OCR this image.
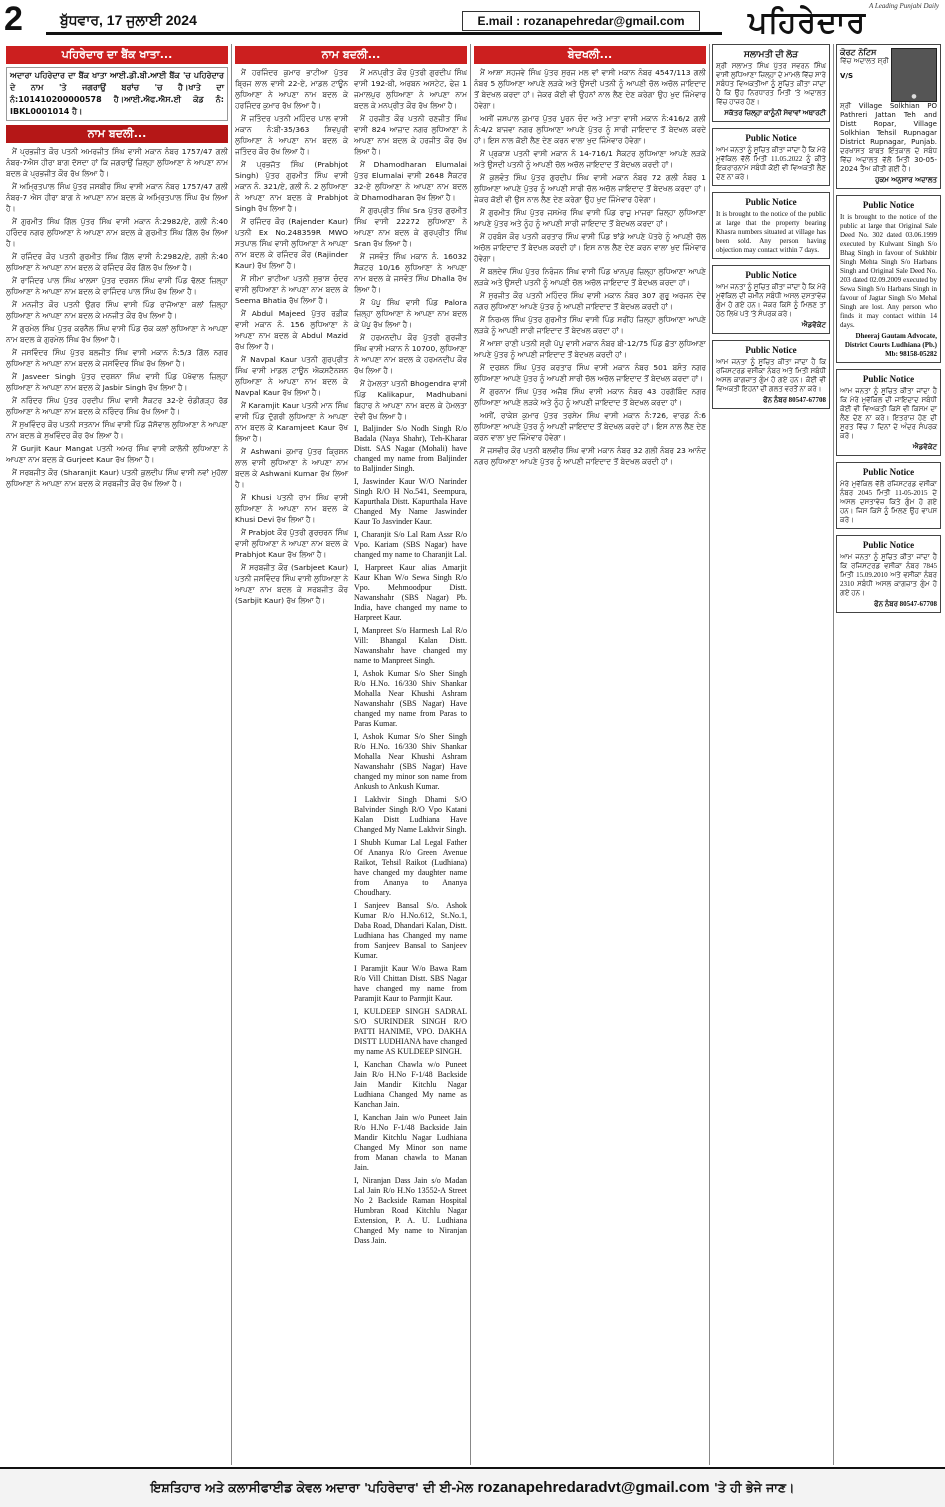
2	ਬੁੱਧਵਾਰ, 17 ਜੁਲਾਈ 2024	E.mail : rozanapehredar@gmail.com
A Leading Punjabi Daily
ਪਹਿਰੇਦਾਰ
ਪਹਿਰੇਦਾਰ ਦਾ ਬੈਂਕ ਖਾਤਾ...
ਅਦਾਰਾ ਪਹਿਰੇਦਾਰ ਦਾ ਬੈਂਕ ਖਾਤਾ ਆਈ.ਡੀ.ਬੀ.ਆਈ ਬੈਂਕ 'ਚ ਪਹਿਰੇਦਾਰ ਦੇ ਨਾਮ 'ਤੇ ਜਗਰਾਉਂ ਬਰਾਂਚ 'ਚ ਹੈ।ਖਾਤੇ ਦਾ ਨੰ:101410200000578 ਹੈ।ਆਈ.ਐਫ.ਐਸ.ਈ ਕੋਡ ਨੰ: IBKL0001014 ਹੈ।
ਨਾਮ ਬਦਲੀ...

ਮੈਂ ਪ੍ਰਭਜੀਤ ਕੌਰ ਪਤਨੀ ਅਮਰਜੀਤ ਸਿੰਘ ਵਾਸੀ ਮਕਾਨ ਨੰਬਰ 1757/47 ਗਲੀ ਨੰਬਰ-7ਐਸ ਹੀਰਾ ਬਾਗ ਦੱਸਦਾ ਹਾਂ ਕਿ ਜਗਰਾਉਂ ਜ਼ਿਲ੍ਹਾ ਲੁਧਿਆਣਾ ਨੇ ਆਪਣਾ ਨਾਮ ਬਦਲ ਕੇ ਪ੍ਰਭਜੀਤ ਕੌਰ ਰੱਖ ਲਿਆ ਹੈ।

ਮੈਂ ਅਮ੍ਰਿਤਪਾਲ ਸਿੰਘ ਪੁੱਤਰ ਜਸਬੀਰ ਸਿੰਘ ਵਾਸੀ ਮਕਾਨ ਨੰਬਰ 1757/47 ਗਲੀ ਨੰਬਰ-7 ਐਸ ਹੀਰਾ ਬਾਗ ਨੇ ਆਪਣਾ ਨਾਮ ਬਦਲ ਕੇ ਅਮ੍ਰਿਤਪਾਲ ਸਿੰਘ ਰੱਖ ਲਿਆ ਹੈ।

ਮੈਂ ਗੁਰਮੀਤ ਸਿੰਘ ਗਿੱਲ ਪੁੱਤਰ ਸਿੰਘ ਵਾਸੀ ਮਕਾਨ ਨੰ:2982/ਏ, ਗਲੀ ਨੰ:40 ਹਰਿੰਦਰ ਨਗਰ ਲੁਧਿਆਣਾ ਨੇ ਆਪਣਾ ਨਾਮ ਬਦਲ ਕੇ ਗੁਰਮੀਤ ਸਿੰਘ ਗਿੱਲ ਰੱਖ ਲਿਆ ਹੈ।

ਮੈਂ ਰਜਿੰਦਰ ਕੌਰ ਪਤਨੀ ਗੁਰਮੀਤ ਸਿੰਘ ਗਿੱਲ ਵਾਸੀ ਨੰ:2982/ਏ, ਗਲੀ ਨੰ:40 ਲੁਧਿਆਣਾ ਨੇ ਆਪਣਾ ਨਾਮ ਬਦਲ ਕੇ ਰਜਿੰਦਰ ਕੌਰ ਗਿੱਲ ਰੱਖ ਲਿਆ ਹੈ।

ਮੈਂ ਰਾਜਿੰਦਰ ਪਾਲ ਸਿੰਘ ਖਾਲਸਾ ਪੁੱਤਰ ਦਰਸ਼ਨ ਸਿੰਘ ਵਾਸੀ ਪਿੰਡ ਢੋਲਣ ਜ਼ਿਲ੍ਹਾ ਲੁਧਿਆਣਾ ਨੇ ਆਪਣਾ ਨਾਮ ਬਦਲ ਕੇ ਰਾਜਿੰਦਰ ਪਾਲ ਸਿੰਘ ਰੱਖ ਲਿਆ ਹੈ।

ਮੈਂ ਮਨਜੀਤ ਕੌਰ ਪਤਨੀ ਉਗਰ ਸਿੰਘ ਵਾਸੀ ਪਿੰਡ ਰਾਜੋਆਣਾ ਕਲਾਂ ਜ਼ਿਲ੍ਹਾ ਲੁਧਿਆਣਾ ਨੇ ਆਪਣਾ ਨਾਮ ਬਦਲ ਕੇ ਮਨਜੀਤ ਕੌਰ ਰੱਖ ਲਿਆ ਹੈ।

ਮੈਂ ਗੁਰਮੇਲ ਸਿੰਘ ਪੁੱਤਰ ਕਰਨੈਲ ਸਿੰਘ ਵਾਸੀ ਪਿੰਡ ਚੱਕ ਕਲਾਂ ਲੁਧਿਆਣਾ ਨੇ ਆਪਣਾ ਨਾਮ ਬਦਲ ਕੇ ਗੁਰਮੇਲ ਸਿੰਘ ਰੱਖ ਲਿਆ ਹੈ।

ਮੈਂ ਜਸਵਿੰਦਰ ਸਿੰਘ ਪੁੱਤਰ ਬਲਜੀਤ ਸਿੰਘ ਵਾਸੀ ਮਕਾਨ ਨੰ:5/3 ਗਿੱਲ ਨਗਰ ਲੁਧਿਆਣਾ ਨੇ ਆਪਣਾ ਨਾਮ ਬਦਲ ਕੇ ਜਸਵਿੰਦਰ ਸਿੰਘ ਰੱਖ ਲਿਆ ਹੈ।

ਮੈਂ Jasveer Singh ਪੁੱਤਰ ਦਰਸ਼ਨਾ ਸਿੰਘ ਵਾਸੀ ਪਿੰਡ ਪੱਖੋਵਾਲ ਜ਼ਿਲ੍ਹਾ ਲੁਧਿਆਣਾ ਨੇ ਆਪਣਾ ਨਾਮ ਬਦਲ ਕੇ Jasbir Singh ਰੱਖ ਲਿਆ ਹੈ।

ਮੈਂ ਨਰਿੰਦਰ ਸਿੰਘ ਪੁੱਤਰ ਹਰਦੀਪ ਸਿੰਘ ਵਾਸੀ ਸੈਕਟਰ 32-ਏ ਚੰਡੀਗੜ੍ਹ ਰੋਡ ਲੁਧਿਆਣਾ ਨੇ ਆਪਣਾ ਨਾਮ ਬਦਲ ਕੇ ਨਰਿੰਦਰ ਸਿੰਘ ਰੱਖ ਲਿਆ ਹੈ।

ਮੈਂ ਸੁਖਵਿੰਦਰ ਕੌਰ ਪਤਨੀ ਸਤਨਾਮ ਸਿੰਘ ਵਾਸੀ ਪਿੰਡ ਜੱਸੋਵਾਲ ਲੁਧਿਆਣਾ ਨੇ ਆਪਣਾ ਨਾਮ ਬਦਲ ਕੇ ਸੁਖਵਿੰਦਰ ਕੌਰ ਰੱਖ ਲਿਆ ਹੈ।

ਮੈਂ Gurjit Kaur Mangat ਪਤਨੀ ਅਮਰ ਸਿੰਘ ਵਾਸੀ ਕਾਲੋਨੀ ਲੁਧਿਆਣਾ ਨੇ ਆਪਣਾ ਨਾਮ ਬਦਲ ਕੇ Gurjeet Kaur ਰੱਖ ਲਿਆ ਹੈ।

ਮੈਂ ਸਰਬਜੀਤ ਕੌਰ (Sharanjit Kaur) ਪਤਨੀ ਕੁਲਦੀਪ ਸਿੰਘ ਵਾਸੀ ਨਵਾਂ ਮੁਹੱਲਾ ਲੁਧਿਆਣਾ ਨੇ ਆਪਣਾ ਨਾਮ ਬਦਲ ਕੇ ਸਰਬਜੀਤ ਕੌਰ ਰੱਖ ਲਿਆ ਹੈ।

ਨਾਮ ਬਦਲੀ...

ਮੈਂ ਹਰਜਿੰਦਰ ਕੁਮਾਰ ਭਾਟੀਆ ਪੁੱਤਰ ਬ੍ਰਿਜ ਲਾਲ ਵਾਸੀ 22-ਏ, ਮਾਡਲ ਟਾਊਨ ਲੁਧਿਆਣਾ ਨੇ ਆਪਣਾ ਨਾਮ ਬਦਲ ਕੇ ਹਰਜਿੰਦਰ ਕੁਮਾਰ ਰੱਖ ਲਿਆ ਹੈ।

ਮੈਂ ਜਤਿੰਦਰ ਪਤਨੀ ਮਹਿੰਦਰ ਪਾਲ ਵਾਸੀ ਮਕਾਨ ਨੰ:ਬੀ-35/363 ਸ਼ਿਵਪੁਰੀ ਲੁਧਿਆਣਾ ਨੇ ਆਪਣਾ ਨਾਮ ਬਦਲ ਕੇ ਜਤਿੰਦਰ ਕੌਰ ਰੱਖ ਲਿਆ ਹੈ।

ਮੈਂ ਪ੍ਰਭਜੋਤ ਸਿੰਘ (Prabhjot Singh) ਪੁੱਤਰ ਗੁਰਮੀਤ ਸਿੰਘ ਵਾਸੀ ਮਕਾਨ ਨੰ. 321/ਏ, ਗਲੀ ਨੰ. 2 ਲੁਧਿਆਣਾ ਨੇ ਆਪਣਾ ਨਾਮ ਬਦਲ ਕੇ Prabhjot Singh ਰੱਖ ਲਿਆ ਹੈ।

ਮੈਂ ਰਜਿੰਦਰ ਕੌਰ (Rajender Kaur) ਪਤਨੀ Ex No.248359R MWO ਸਤਪਾਲ ਸਿੰਘ ਵਾਸੀ ਲੁਧਿਆਣਾ ਨੇ ਆਪਣਾ ਨਾਮ ਬਦਲ ਕੇ ਰਜਿੰਦਰ ਕੌਰ (Rajinder Kaur) ਰੱਖ ਲਿਆ ਹੈ।

ਮੈਂ ਸੀਮਾ ਭਾਟੀਆ ਪਤਨੀ ਸੁਭਾਸ਼ ਚੰਦਰ ਵਾਸੀ ਲੁਧਿਆਣਾ ਨੇ ਆਪਣਾ ਨਾਮ ਬਦਲ ਕੇ Seema Bhatia ਰੱਖ ਲਿਆ ਹੈ।

ਮੈਂ Abdul Majeed ਪੁੱਤਰ ਰਫ਼ੀਕ ਵਾਸੀ ਮਕਾਨ ਨੰ. 156 ਲੁਧਿਆਣਾ ਨੇ ਆਪਣਾ ਨਾਮ ਬਦਲ ਕੇ Abdul Mazid ਰੱਖ ਲਿਆ ਹੈ।

ਮੈਂ Navpal Kaur ਪਤਨੀ ਗੁਰਪ੍ਰੀਤ ਸਿੰਘ ਵਾਸੀ ਮਾਡਲ ਟਾਊਨ ਐਕਸਟੈਨਸ਼ਨ ਲੁਧਿਆਣਾ ਨੇ ਆਪਣਾ ਨਾਮ ਬਦਲ ਕੇ Navpal Kaur ਰੱਖ ਲਿਆ ਹੈ।

ਮੈਂ Karamjit Kaur ਪਤਨੀ ਮਾਨ ਸਿੰਘ ਵਾਸੀ ਪਿੰਡ ਦੁੱਗਰੀ ਲੁਧਿਆਣਾ ਨੇ ਆਪਣਾ ਨਾਮ ਬਦਲ ਕੇ Karamjeet Kaur ਰੱਖ ਲਿਆ ਹੈ।

ਮੈਂ Ashwani ਕੁਮਾਰ ਪੁੱਤਰ ਕ੍ਰਿਸ਼ਨ ਲਾਲ ਵਾਸੀ ਲੁਧਿਆਣਾ ਨੇ ਆਪਣਾ ਨਾਮ ਬਦਲ ਕੇ Ashwani Kumar ਰੱਖ ਲਿਆ ਹੈ।

ਮੈਂ Khusi ਪਤਨੀ ਰਾਮ ਸਿੰਘ ਵਾਸੀ ਲੁਧਿਆਣਾ ਨੇ ਆਪਣਾ ਨਾਮ ਬਦਲ ਕੇ Khusi Devi ਰੱਖ ਲਿਆ ਹੈ।

ਮੈਂ Prabjot ਕੌਰ ਪੁੱਤਰੀ ਗੁਰਚਰਨ ਸਿੰਘ ਵਾਸੀ ਲੁਧਿਆਣਾ ਨੇ ਆਪਣਾ ਨਾਮ ਬਦਲ ਕੇ Prabhjot Kaur ਰੱਖ ਲਿਆ ਹੈ।

ਮੈਂ ਸਰਬਜੀਤ ਕੌਰ (Sarbjeet Kaur) ਪਤਨੀ ਜਸਵਿੰਦਰ ਸਿੰਘ ਵਾਸੀ ਲੁਧਿਆਣਾ ਨੇ ਆਪਣਾ ਨਾਮ ਬਦਲ ਕੇ ਸਰਬਜੀਤ ਕੌਰ (Sarbjit Kaur) ਰੱਖ ਲਿਆ ਹੈ।

ਮੈਂ ਮਨਪ੍ਰੀਤ ਕੌਰ ਪੁੱਤਰੀ ਗੁਰਦੀਪ ਸਿੰਘ ਵਾਸੀ 192-ਬੀ, ਅਰਬਨ ਅਸਟੇਟ, ਫੇਜ਼ 1 ਜਮਾਲਪੁਰ ਲੁਧਿਆਣਾ ਨੇ ਆਪਣਾ ਨਾਮ ਬਦਲ ਕੇ ਮਨਪ੍ਰੀਤ ਕੌਰ ਰੱਖ ਲਿਆ ਹੈ।

ਮੈਂ ਹਰਜੀਤ ਕੌਰ ਪਤਨੀ ਰਣਜੀਤ ਸਿੰਘ ਵਾਸੀ 824 ਆਜ਼ਾਦ ਨਗਰ ਲੁਧਿਆਣਾ ਨੇ ਆਪਣਾ ਨਾਮ ਬਦਲ ਕੇ ਹਰਜੀਤ ਕੌਰ ਰੱਖ ਲਿਆ ਹੈ।

ਮੈਂ Dhamodharan Elumalai ਪੁੱਤਰ Elumalai ਵਾਸੀ 2648 ਸੈਕਟਰ 32-ਏ ਲੁਧਿਆਣਾ ਨੇ ਆਪਣਾ ਨਾਮ ਬਦਲ ਕੇ Dhamodharan ਰੱਖ ਲਿਆ ਹੈ।

ਮੈਂ ਗੁਰਪ੍ਰੀਤ ਸਿੰਘ Sra ਪੁੱਤਰ ਗੁਰਮੀਤ ਸਿੰਘ ਵਾਸੀ 22272 ਲੁਧਿਆਣਾ ਨੇ ਆਪਣਾ ਨਾਮ ਬਦਲ ਕੇ ਗੁਰਪ੍ਰੀਤ ਸਿੰਘ Sran ਰੱਖ ਲਿਆ ਹੈ।

ਮੈਂ ਜਸਵੰਤ ਸਿੰਘ ਮਕਾਨ ਨੰ. 16032 ਸੈਕਟਰ 10/16 ਲੁਧਿਆਣਾ ਨੇ ਆਪਣਾ ਨਾਮ ਬਦਲ ਕੇ ਜਸਵੰਤ ਸਿੰਘ Dhalla ਰੱਖ ਲਿਆ ਹੈ।

ਮੈਂ ਪੱਪੂ ਸਿੰਘ ਵਾਸੀ ਪਿੰਡ Palora ਜ਼ਿਲ੍ਹਾ ਲੁਧਿਆਣਾ ਨੇ ਆਪਣਾ ਨਾਮ ਬਦਲ ਕੇ ਪੱਪੂ ਰੱਖ ਲਿਆ ਹੈ।

ਮੈਂ ਹਰਮਨਦੀਪ ਕੌਰ ਪੁੱਤਰੀ ਗੁਰਜੀਤ ਸਿੰਘ ਵਾਸੀ ਮਕਾਨ ਨੰ 10700, ਲੁਧਿਆਣਾ ਨੇ ਆਪਣਾ ਨਾਮ ਬਦਲ ਕੇ ਹਰਮਨਦੀਪ ਕੌਰ ਰੱਖ ਲਿਆ ਹੈ।

ਮੈਂ ਹੇਮਲਤਾ ਪਤਨੀ Bhogendra ਵਾਸੀ ਪਿੰਡ Kalikapur, Madhubani ਬਿਹਾਰ ਨੇ ਆਪਣਾ ਨਾਮ ਬਦਲ ਕੇ ਹੇਮਲਤਾ ਦੇਵੀ ਰੱਖ ਲਿਆ ਹੈ।

I, Baljinder S/o Nodh Singh R/o Badala (Naya Shahr), Teh-Kharar Distt. SAS Nagar (Mohali) have changed my name from Baljinder to Baljinder Singh.

I, Jaswinder Kaur W/O Narinder Singh R/O H No.541, Seempura, Kapurthala Distt. Kapurthala Have Changed My Name Jaswinder Kaur To Jasvinder Kaur.

I, Charanjit S/o Lal Ram Assr R/o Vpo. Kariam (SBS Nagar) have changed my name to Charanjit Lal.

I, Harpreet Kaur alias Amarjit Kaur Khan W/o Sewa Singh R/o Vpo. Mehmoodpur Distt. Nawanshahr (SBS Nagar) Pb. India, have changed my name to Harpreet Kaur.

I, Manpreet S/o Harmesh Lal R/o Vill: Bhangal Kalan Distt. Nawanshahr have changed my name to Manpreet Singh.

I, Ashok Kumar S/o Sher Singh R/o H.No. 16/330 Shiv Shankar Mohalla Near Khushi Ashram Nawanshahr (SBS Nagar) Have changed my name from Paras to Paras Kumar.

I, Ashok Kumar S/o Sher Singh R/o H.No. 16/330 Shiv Shankar Mohalla Near Khushi Ashram Nawanshahr (SBS Nagar) Have changed my minor son name from Ankush to Ankush Kumar.

I Lakhvir Singh Dhami S/O Balvinder Singh R/O Vpo Katani Kalan Distt Ludhiana Have Changed My Name Lakhvir Singh.

I Shubh Kumar Lal Legal Father Of Ananya R/o Green Avenue Raikot, Tehsil Raikot (Ludhiana) have changed my daughter name from Ananya to Ananya Choudhary.

I Sanjeev Bansal S/o. Ashok Kumar R/o H.No.612, St.No.1, Daba Road, Dhandari Kalan, Distt. Ludhiana has Changed my name from Sanjeev Bansal to Sanjeev Kumar.

I Paramjit Kaur W/o Bawa Ram R/o Vill Chittan Distt. SBS Nagar have changed my name from Paramjit Kaur to Parmjit Kaur.

I, KULDEEP SINGH SADRAL S/O SURINDER SINGH R/O PATTI HANIME, VPO. DAKHA DISTT LUDHIANA have changed my name AS KULDEEP SINGH.

I, Kanchan Chawla w/o Puneet Jain R/o H.No F-1/48 Backside Jain Mandir Kitchlu Nagar Ludhiana Changed My name as Kanchan Jain.

I, Kanchan Jain w/o Puneet Jain R/o H.No F-1/48 Backside Jain Mandir Kitchlu Nagar Ludhiana Changed My Minor son name from Manan chawla to Manan Jain.

I, Niranjan Dass Jain s/o Madan Lal Jain R/o H.No 13552-A Street No 2 Backside Raman Hospital Humbran Road Kitchlu Nagar Extension, P. A. U. Ludhiana Changed My name to Niranjan Dass Jain.

ਬੇਦਖਲੀ...

ਮੈਂ ਆਸ਼ਾ ਸਹਜਵੇ ਸਿੰਘ ਪੁੱਤਰ ਸੁਰਜ ਮਲ ਵਾਂ ਵਾਸੀ ਮਕਾਨ ਨੰਬਰ 4547/113 ਗਲੀ ਨੰਬਰ 5 ਲੁਧਿਆਣਾ ਆਪਣੇ ਲੜਕੇ ਅਤੇ ਉਸਦੀ ਪਤਨੀ ਨੂੰ ਆਪਣੀ ਚੱਲ ਅਚੱਲ ਜਾਇਦਾਦ ਤੋਂ ਬੇਦਖਲ ਕਰਦਾ ਹਾਂ। ਜੇਕਰ ਕੋਈ ਵੀ ਉਹਨਾਂ ਨਾਲ ਲੈਣ ਦੇਣ ਕਰੇਗਾ ਉਹ ਖੁਦ ਜਿੰਮੇਵਾਰ ਹੋਵੇਗਾ।

ਅਸੀਂ ਜਸਪਾਲ ਕੁਮਾਰ ਪੁੱਤਰ ਪੂਰਨ ਚੰਦ ਅਤੇ ਮਾਤਾ ਵਾਸੀ ਮਕਾਨ ਨੰ:416/2 ਗਲੀ ਨੰ:4/2 ਬਾਜਵਾ ਨਗਰ ਲੁਧਿਆਣਾ ਆਪਣੇ ਪੁੱਤਰ ਨੂੰ ਸਾਰੀ ਜਾਇਦਾਦ ਤੋਂ ਬੇਦਖਲ ਕਰਦੇ ਹਾਂ। ਇਸ ਨਾਲ ਕੋਈ ਲੈਣ ਦੇਣ ਕਰਨ ਵਾਲਾ ਖੁਦ ਜਿੰਮੇਵਾਰ ਹੋਵੇਗਾ।

ਮੈਂ ਪ੍ਰਕਾਸ਼ ਪਤਨੀ ਵਾਸੀ ਮਕਾਨ ਨੰ 14-716/1 ਸੈਕਟਰ ਲੁਧਿਆਣਾ ਆਪਣੇ ਲੜਕੇ ਅਤੇ ਉਸਦੀ ਪਤਨੀ ਨੂੰ ਆਪਣੀ ਚੱਲ ਅਚੱਲ ਜਾਇਦਾਦ ਤੋਂ ਬੇਦਖਲ ਕਰਦੀ ਹਾਂ।

ਮੈਂ ਕੁਲਵੰਤ ਸਿੰਘ ਪੁੱਤਰ ਗੁਰਦੀਪ ਸਿੰਘ ਵਾਸੀ ਮਕਾਨ ਨੰਬਰ 72 ਗਲੀ ਨੰਬਰ 1 ਲੁਧਿਆਣਾ ਆਪਣੇ ਪੁੱਤਰ ਨੂੰ ਆਪਣੀ ਸਾਰੀ ਚੱਲ ਅਚੱਲ ਜਾਇਦਾਦ ਤੋਂ ਬੇਦਖਲ ਕਰਦਾ ਹਾਂ। ਜੇਕਰ ਕੋਈ ਵੀ ਉਸ ਨਾਲ ਲੈਣ ਦੇਣ ਕਰੇਗਾ ਉਹ ਖੁਦ ਜਿੰਮੇਵਾਰ ਹੋਵੇਗਾ।

ਮੈਂ ਗੁਰਮੀਤ ਸਿੰਘ ਪੁੱਤਰ ਜਸਮੇਰ ਸਿੰਘ ਵਾਸੀ ਪਿੰਡ ਰਾਜੂ ਮਾਜਰਾ ਜ਼ਿਲ੍ਹਾ ਲੁਧਿਆਣਾ ਆਪਣੇ ਪੁੱਤਰ ਅਤੇ ਨੂੰਹ ਨੂੰ ਆਪਣੀ ਸਾਰੀ ਜਾਇਦਾਦ ਤੋਂ ਬੇਦਖਲ ਕਰਦਾ ਹਾਂ।

ਮੈਂ ਹਰਬੰਸ ਕੌਰ ਪਤਨੀ ਕਰਤਾਰ ਸਿੰਘ ਵਾਸੀ ਪਿੰਡ ਝਾਂਡੇ ਆਪਣੇ ਪੋਤਰੇ ਨੂੰ ਆਪਣੀ ਚੱਲ ਅਚੱਲ ਜਾਇਦਾਦ ਤੋਂ ਬੇਦਖਲ ਕਰਦੀ ਹਾਂ। ਇਸ ਨਾਲ ਲੈਣ ਦੇਣ ਕਰਨ ਵਾਲਾ ਖੁਦ ਜਿੰਮੇਵਾਰ ਹੋਵੇਗਾ।

ਮੈਂ ਬਲਦੇਵ ਸਿੰਘ ਪੁੱਤਰ ਨਿਰੰਜਨ ਸਿੰਘ ਵਾਸੀ ਪਿੰਡ ਖਾਨਪੁਰ ਜ਼ਿਲ੍ਹਾ ਲੁਧਿਆਣਾ ਆਪਣੇ ਲੜਕੇ ਅਤੇ ਉਸਦੀ ਪਤਨੀ ਨੂੰ ਆਪਣੀ ਚੱਲ ਅਚੱਲ ਜਾਇਦਾਦ ਤੋਂ ਬੇਦਖਲ ਕਰਦਾ ਹਾਂ।

ਮੈਂ ਸੁਰਜੀਤ ਕੌਰ ਪਤਨੀ ਮਹਿੰਦਰ ਸਿੰਘ ਵਾਸੀ ਮਕਾਨ ਨੰਬਰ 307 ਗੁਰੂ ਅਰਜਨ ਦੇਵ ਨਗਰ ਲੁਧਿਆਣਾ ਆਪਣੇ ਪੁੱਤਰ ਨੂੰ ਆਪਣੀ ਜਾਇਦਾਦ ਤੋਂ ਬੇਦਖਲ ਕਰਦੀ ਹਾਂ।

ਮੈਂ ਨਿਰਮਲ ਸਿੰਘ ਪੁੱਤਰ ਗੁਰਮੀਤ ਸਿੰਘ ਵਾਸੀ ਪਿੰਡ ਸਰੀਂਹ ਜ਼ਿਲ੍ਹਾ ਲੁਧਿਆਣਾ ਆਪਣੇ ਲੜਕੇ ਨੂੰ ਆਪਣੀ ਸਾਰੀ ਜਾਇਦਾਦ ਤੋਂ ਬੇਦਖਲ ਕਰਦਾ ਹਾਂ।

ਮੈਂ ਆਸ਼ਾ ਰਾਣੀ ਪਤਨੀ ਸ਼੍ਰੀ ਪੱਪੂ ਵਾਸੀ ਮਕਾਨ ਨੰਬਰ ਬੀ-12/75 ਪਿੰਡ ਛੱਤਾ ਲੁਧਿਆਣਾ ਆਪਣੇ ਪੁੱਤਰ ਨੂੰ ਆਪਣੀ ਜਾਇਦਾਦ ਤੋਂ ਬੇਦਖਲ ਕਰਦੀ ਹਾਂ।

ਮੈਂ ਦਰਸ਼ਨ ਸਿੰਘ ਪੁੱਤਰ ਕਰਤਾਰ ਸਿੰਘ ਵਾਸੀ ਮਕਾਨ ਨੰਬਰ 501 ਬਸੰਤ ਨਗਰ ਲੁਧਿਆਣਾ ਆਪਣੇ ਪੁੱਤਰ ਨੂੰ ਆਪਣੀ ਸਾਰੀ ਚੱਲ ਅਚੱਲ ਜਾਇਦਾਦ ਤੋਂ ਬੇਦਖਲ ਕਰਦਾ ਹਾਂ।

ਮੈਂ ਗੁਰਨਾਮ ਸਿੰਘ ਪੁੱਤਰ ਅਜੈਬ ਸਿੰਘ ਵਾਸੀ ਮਕਾਨ ਨੰਬਰ 43 ਹਰਗੋਬਿੰਦ ਨਗਰ ਲੁਧਿਆਣਾ ਆਪਣੇ ਲੜਕੇ ਅਤੇ ਨੂੰਹ ਨੂੰ ਆਪਣੀ ਜਾਇਦਾਦ ਤੋਂ ਬੇਦਖਲ ਕਰਦਾ ਹਾਂ।

ਅਸੀਂ, ਰਾਕੇਸ਼ ਕੁਮਾਰ ਪੁੱਤਰ ਤਰਸੇਮ ਸਿੰਘ ਵਾਸੀ ਮਕਾਨ ਨੰ:726, ਵਾਰਡ ਨੰ:6 ਲੁਧਿਆਣਾ ਆਪਣੇ ਪੁੱਤਰ ਨੂੰ ਆਪਣੀ ਜਾਇਦਾਦ ਤੋਂ ਬੇਦਖਲ ਕਰਦੇ ਹਾਂ। ਇਸ ਨਾਲ ਲੈਣ ਦੇਣ ਕਰਨ ਵਾਲਾ ਖੁਦ ਜਿੰਮੇਵਾਰ ਹੋਵੇਗਾ।

ਮੈਂ ਜਸਵੀਰ ਕੌਰ ਪਤਨੀ ਬਲਵੀਰ ਸਿੰਘ ਵਾਸੀ ਮਕਾਨ ਨੰਬਰ 32 ਗਲੀ ਨੰਬਰ 23 ਆਨੰਦ ਨਗਰ ਲੁਧਿਆਣਾ ਆਪਣੇ ਪੁੱਤਰ ਨੂੰ ਆਪਣੀ ਜਾਇਦਾਦ ਤੋਂ ਬੇਦਖਲ ਕਰਦੀ ਹਾਂ।

ਸਲਾਮਤੀ ਦੀ ਲੋੜ
ਸ਼੍ਰੀ ਸਲਾਮਤ ਸਿੰਘ ਪੁੱਤਰ ਸਵਰਨ ਸਿੰਘ ਵਾਸੀ ਲੁਧਿਆਣਾ ਜ਼ਿਲ੍ਹਾ ਦੇ ਮਾਮਲੇ ਵਿੱਚ ਸਾਰੇ ਸਬੰਧਤ ਵਿਅਕਤੀਆਂ ਨੂੰ ਸੂਚਿਤ ਕੀਤਾ ਜਾਂਦਾ ਹੈ ਕਿ ਉਹ ਨਿਰਧਾਰਤ ਮਿਤੀ 'ਤੇ ਅਦਾਲਤ ਵਿੱਚ ਹਾਜ਼ਰ ਹੋਣ।
ਸਕੱਤਰ ਜ਼ਿਲ੍ਹਾ ਕਾਨੂੰਨੀ ਸੇਵਾਵਾਂ ਅਥਾਰਟੀ
Public Notice
ਆਮ ਜਨਤਾ ਨੂੰ ਸੂਚਿਤ ਕੀਤਾ ਜਾਂਦਾ ਹੈ ਕਿ ਮੇਰੇ ਮੁਵੱਕਿਲ ਵੱਲੋਂ ਮਿਤੀ 11.05.2022 ਨੂੰ ਕੀਤੇ ਇਕਰਾਰਨਾਮੇ ਸਬੰਧੀ ਕੋਈ ਵੀ ਵਿਅਕਤੀ ਲੈਣ ਦੇਣ ਨਾ ਕਰੇ।
Public Notice
It is brought to the notice of the public at large that the property bearing Khasra numbers situated at village has been sold. Any person having objection may contact within 7 days.
Public Notice
ਆਮ ਜਨਤਾ ਨੂੰ ਸੂਚਿਤ ਕੀਤਾ ਜਾਂਦਾ ਹੈ ਕਿ ਮੇਰੇ ਮੁਵੱਕਿਲ ਦੀ ਜ਼ਮੀਨ ਸਬੰਧੀ ਅਸਲ ਦਸਤਾਵੇਜ਼ ਗੁੰਮ ਹੋ ਗਏ ਹਨ। ਜੇਕਰ ਕਿਸੇ ਨੂੰ ਮਿਲਣ ਤਾਂ ਹੇਠ ਲਿਖੇ ਪਤੇ 'ਤੇ ਸੰਪਰਕ ਕਰੇ।
ਐਡਵੋਕੇਟ
Public Notice
ਆਮ ਜਨਤਾ ਨੂੰ ਸੂਚਿਤ ਕੀਤਾ ਜਾਂਦਾ ਹੈ ਕਿ ਰਜਿਸਟਰਡ ਵਸੀਕਾ ਨੰਬਰ ਅਤੇ ਮਿਤੀ ਸਬੰਧੀ ਅਸਲ ਕਾਗਜ਼ਾਤ ਗੁੰਮ ਹੋ ਗਏ ਹਨ। ਕੋਈ ਵੀ ਵਿਅਕਤੀ ਇਹਨਾਂ ਦੀ ਗਲਤ ਵਰਤੋਂ ਨਾ ਕਰੇ।
ਫੋਨ ਨੰਬਰ 80547-67708
ਕੋਰਟ ਨੋਟਿਸ
ਵਿੱਚ ਅਦਾਲਤ ਸ਼੍ਰੀ
V/S
●
ਸ਼੍ਰੀ Village Solkhian PO Pathreri Jattan Teh and Distt Ropar, Village Solkhian Tehsil Rupnagar District Rupnagar, Punjab. ਦਰਖਾਸਤ ਬਾਬਤ ਇੰਤਕਾਲ ਦੇ ਸਬੰਧ ਵਿੱਚ ਅਦਾਲਤ ਵੱਲੋਂ ਮਿਤੀ 30-05-2024 ਤੈਅ ਕੀਤੀ ਗਈ ਹੈ।
ਹੁਕਮ ਅਨੁਸਾਰ ਅਦਾਲਤ
Public Notice
It is brought to the notice of the public at large that Original Sale Deed No. 302 dated 03.06.1999 executed by Kulwant Singh S/o Bhag Singh in favour of Sukhbir Singh Mehta Singh S/o Harbans Singh and Original Sale Deed No. 203 dated 02.09.2009 executed by Sewa Singh S/o Harbans Singh in favour of Jagtar Singh S/o Mehal Singh are lost. Any person who finds it may contact within 14 days.
Dheeraj Gautam Advocate, District Courts Ludhiana (Pb.) Mb: 98158-05282
Public Notice
ਆਮ ਜਨਤਾ ਨੂੰ ਸੂਚਿਤ ਕੀਤਾ ਜਾਂਦਾ ਹੈ ਕਿ ਮੇਰੇ ਮੁਵੱਕਿਲ ਦੀ ਜਾਇਦਾਦ ਸਬੰਧੀ ਕੋਈ ਵੀ ਵਿਅਕਤੀ ਕਿਸੇ ਵੀ ਕਿਸਮ ਦਾ ਲੈਣ ਦੇਣ ਨਾ ਕਰੇ। ਇਤਰਾਜ਼ ਹੋਣ ਦੀ ਸੂਰਤ ਵਿੱਚ 7 ਦਿਨਾਂ ਦੇ ਅੰਦਰ ਸੰਪਰਕ ਕਰੋ।
ਐਡਵੋਕੇਟ
Public Notice
ਮੇਰੇ ਮੁਵੱਕਿਲ ਵੱਲੋਂ ਰਜਿਸਟਰਡ ਵਸੀਕਾ ਨੰਬਰ 2045 ਮਿਤੀ 11-05-2015 ਦੇ ਅਸਲ ਦਸਤਾਵੇਜ਼ ਕਿਤੇ ਗੁੰਮ ਹੋ ਗਏ ਹਨ। ਜਿਸ ਕਿਸੇ ਨੂੰ ਮਿਲਣ ਉਹ ਵਾਪਸ ਕਰੇ।
Public Notice
ਆਮ ਜਨਤਾ ਨੂੰ ਸੂਚਿਤ ਕੀਤਾ ਜਾਂਦਾ ਹੈ ਕਿ ਰਜਿਸਟਰਡ ਵਸੀਕਾ ਨੰਬਰ 7845 ਮਿਤੀ 15.09.2010 ਅਤੇ ਵਸੀਕਾ ਨੰਬਰ 2310 ਸਬੰਧੀ ਅਸਲ ਕਾਗਜ਼ਾਤ ਗੁੰਮ ਹੋ ਗਏ ਹਨ।
ਫੋਨ ਨੰਬਰ 80547-67708
ਇਸ਼ਤਿਹਾਰ ਅਤੇ ਕਲਾਸੀਫਾਈਡ ਕੇਵਲ ਅਦਾਰਾ 'ਪਹਿਰੇਦਾਰ' ਦੀ ਈ-ਮੇਲ rozanapehredaradvt@gmail.com 'ਤੇ ਹੀ ਭੇਜੇ ਜਾਣ।
